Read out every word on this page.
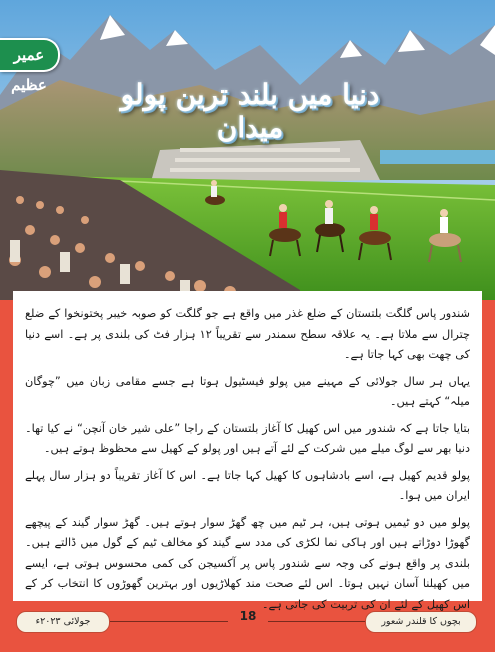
عمیر عظیم	دنیا میں بلند ترین پولو میدان

شندور پاس گلگت بلتستان کے ضلع غذر میں واقع ہے جو گلگت کو صوبہ خیبر پختونخوا کے ضلع چترال سے ملاتا ہے۔ یہ علاقہ سطح سمندر سے تقریباً ۱۲ ہزار فٹ کی بلندی پر ہے۔ اسے دنیا کی چھت بھی کہا جاتا ہے۔

یہاں ہر سال جولائی کے مہینے میں پولو فیسٹیول ہوتا ہے جسے مقامی زبان میں ”چوگان میلہ“ کہتے ہیں۔

بتایا جاتا ہے کہ شندور میں اس کھیل کا آغاز بلتستان کے راجا ”علی شیر خان آنچن“ نے کیا تھا۔ دنیا بھر سے لوگ میلے میں شرکت کے لئے آتے ہیں اور پولو کے کھیل سے محظوظ ہوتے ہیں۔

پولو قدیم کھیل ہے، اسے بادشاہوں کا کھیل کہا جاتا ہے۔ اس کا آغاز تقریباً دو ہزار سال پہلے ایران میں ہوا۔

پولو میں دو ٹیمیں ہوتی ہیں، ہر ٹیم میں چھ گھڑ سوار ہوتے ہیں۔ گھڑ سوار گیند کے پیچھے گھوڑا دوڑاتے ہیں اور ہاکی نما لکڑی کی مدد سے گیند کو مخالف ٹیم کے گول میں ڈالتے ہیں۔ بلندی پر واقع ہونے کی وجہ سے شندور پاس پر آکسیجن کی کمی محسوس ہوتی ہے، ایسے میں کھیلنا آسان نہیں ہوتا۔ اس لئے صحت مند کھلاڑیوں اور بہترین گھوڑوں کا انتخاب کر کے اس کھیل کے لئے ان کی تربیت کی جاتی ہے۔

جولائی ۲۰۲۳ء	18	بچوں کا قلندر شعور
